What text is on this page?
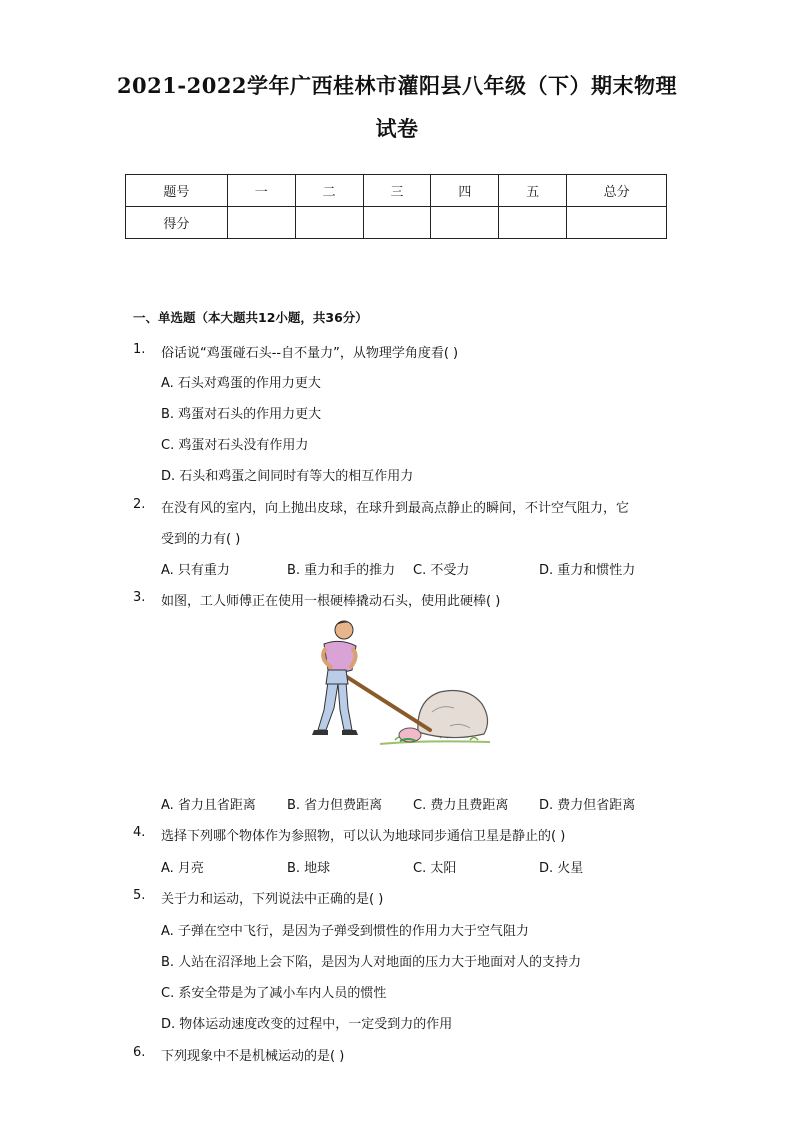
2021-2022学年广西桂林市灌阳县八年级（下）期末物理
试卷
题号	一	二	三	四	五	总分
得分						
一、单选题（本大题共12小题，共36分）
1. 俗话说“鸡蛋碰石头--自不量力”，从物理学角度看( )
A. 石头对鸡蛋的作用力更大
B. 鸡蛋对石头的作用力更大
C. 鸡蛋对石头没有作用力
D. 石头和鸡蛋之间同时有等大的相互作用力
2. 在没有风的室内，向上抛出皮球，在球升到最高点静止的瞬间，不计空气阻力，它
受到的力有( )
A. 只有重力	B. 重力和手的推力 C. 不受力	D. 重力和惯性力
3. 如图，工人师傅正在使用一根硬棒撬动石头，使用此硬棒( )
A. 省力且省距离 B. 省力但费距离 C. 费力且费距离 D. 费力但省距离
4. 选择下列哪个物体作为参照物，可以认为地球同步通信卫星是静止的( )
A. 月亮	B. 地球	C. 太阳	D. 火星
5. 关于力和运动，下列说法中正确的是( )
A. 子弹在空中飞行，是因为子弹受到惯性的作用力大于空气阻力
B. 人站在沼泽地上会下陷，是因为人对地面的压力大于地面对人的支持力
C. 系安全带是为了减小车内人员的惯性
D. 物体运动速度改变的过程中，一定受到力的作用
6. 下列现象中不是机械运动的是( )
